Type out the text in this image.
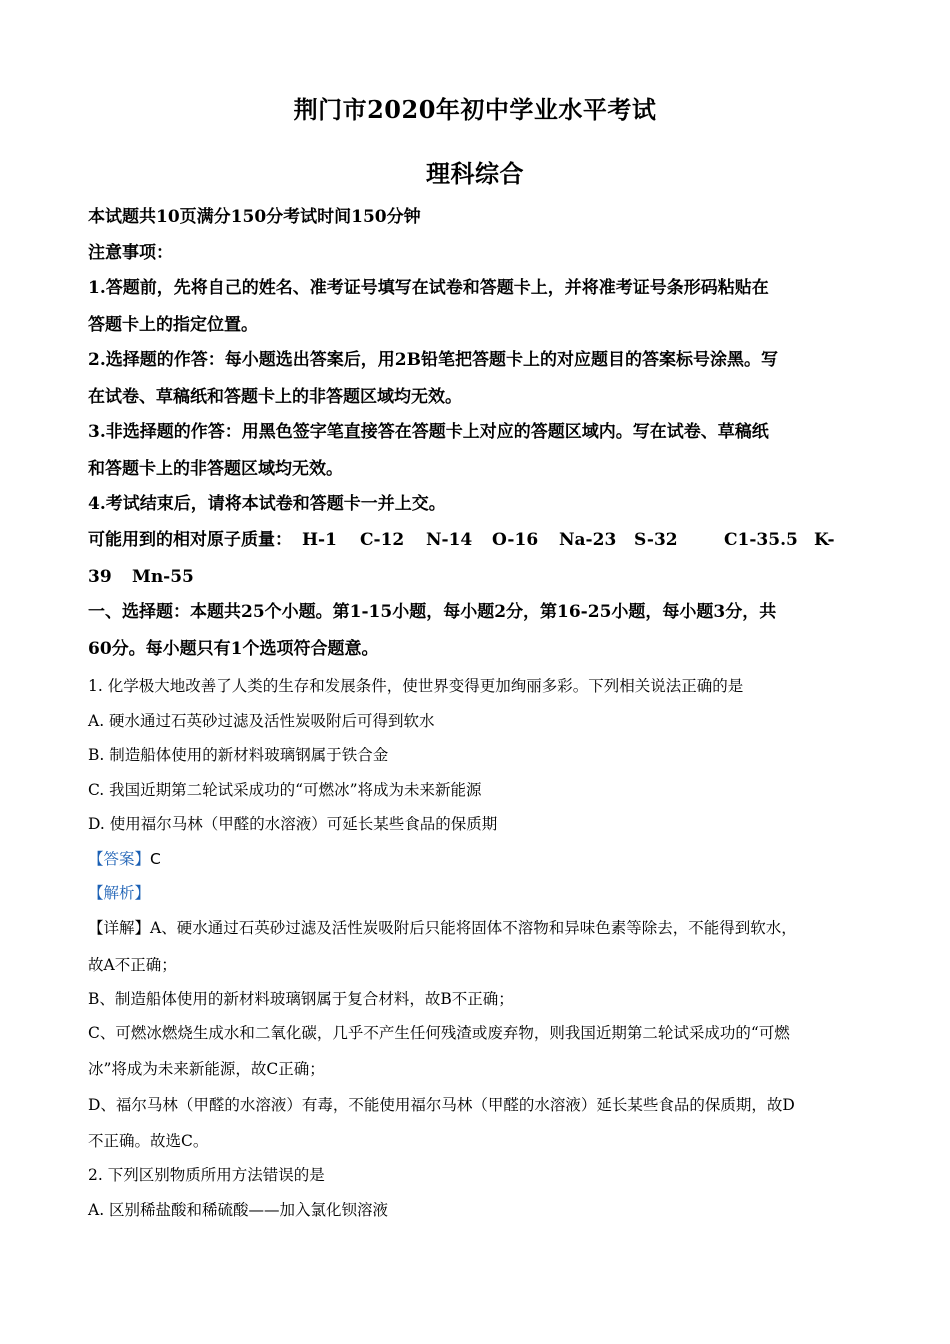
荆门市2020年初中学业水平考试
理科综合
本试题共10页满分150分考试时间150分钟
注意事项：
1.答题前，先将自己的姓名、准考证号填写在试卷和答题卡上，并将准考证号条形码粘贴在
答题卡上的指定位置。
2.选择题的作答：每小题选出答案后，用2B铅笔把答题卡上的对应题目的答案标号涂黑。写
在试卷、草稿纸和答题卡上的非答题区域均无效。
3.非选择题的作答：用黑色签字笔直接答在答题卡上对应的答题区域内。写在试卷、草稿纸
和答题卡上的非答题区域均无效。
4.考试结束后，请将本试卷和答题卡一并上交。
可能用到的相对原子质量： H-1 C-12 N-14 O-16 Na-23 S-32	C1-35.5 K-
39 Mn-55
一、选择题：本题共25个小题。第1-15小题，每小题2分，第16-25小题，每小题3分，共
60分。每小题只有1个选项符合题意。
1. 化学极大地改善了人类的生存和发展条件，使世界变得更加绚丽多彩。下列相关说法正确的是
A. 硬水通过石英砂过滤及活性炭吸附后可得到软水
B. 制造船体使用的新材料玻璃钢属于铁合金
C. 我国近期第二轮试采成功的“可燃冰”将成为未来新能源
D. 使用福尔马林（甲醛的水溶液）可延长某些食品的保质期
【答案】C
【解析】
【详解】A、硬水通过石英砂过滤及活性炭吸附后只能将固体不溶物和异味色素等除去，不能得到软水，
故A不正确；
B、制造船体使用的新材料玻璃钢属于复合材料，故B不正确；
C、可燃冰燃烧生成水和二氧化碳，几乎不产生任何残渣或废弃物，则我国近期第二轮试采成功的“可燃
冰”将成为未来新能源，故C正确；
D、福尔马林（甲醛的水溶液）有毒，不能使用福尔马林（甲醛的水溶液）延长某些食品的保质期，故D
不正确。故选C。
2. 下列区别物质所用方法错误的是
A. 区别稀盐酸和稀硫酸——加入氯化钡溶液
